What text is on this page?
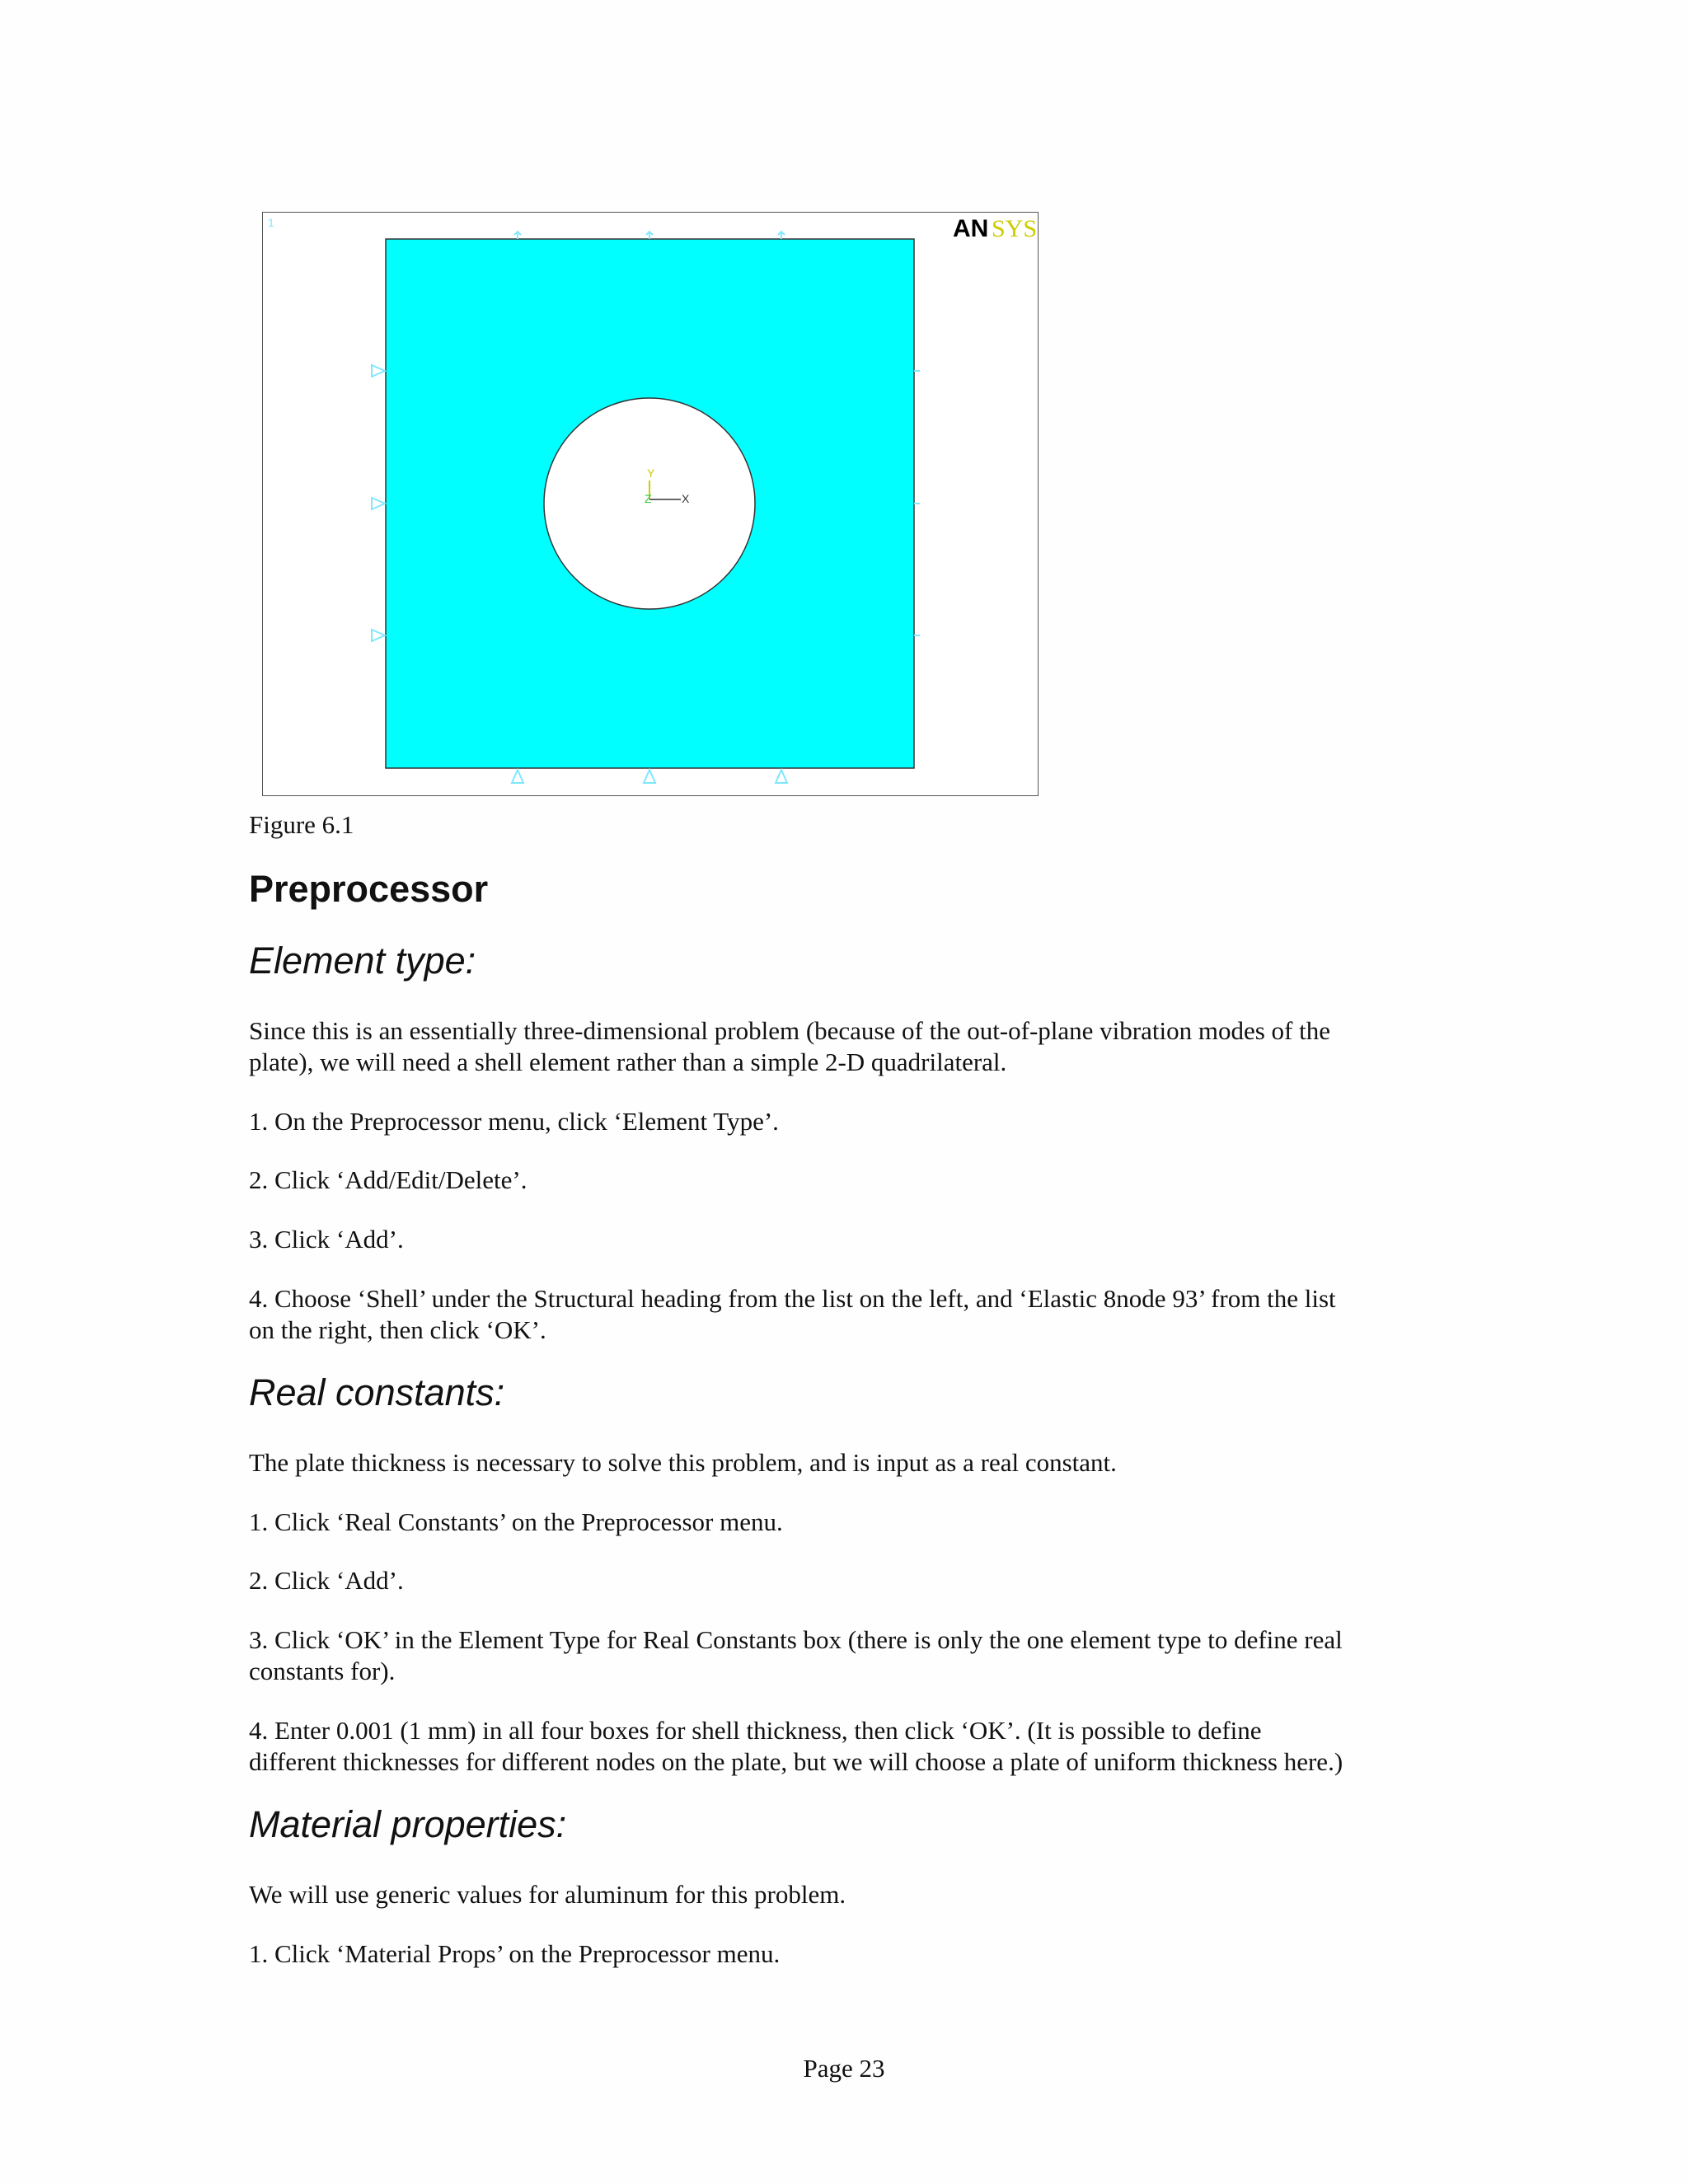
1	AN SYS
Y
Z	X
Figure 6.1
Preprocessor
Element type:
Since this is an essentially three-dimensional problem (because of the out-of-plane vibration modes of the
plate), we will need a shell element rather than a simple 2-D quadrilateral.
1. On the Preprocessor menu, click ‘Element Type’.
2. Click ‘Add/Edit/Delete’.
3. Click ‘Add’.
4. Choose ‘Shell’ under the Structural heading from the list on the left, and ‘Elastic 8node 93’ from the list
on the right, then click ‘OK’.
Real constants:
The plate thickness is necessary to solve this problem, and is input as a real constant.
1. Click ‘Real Constants’ on the Preprocessor menu.
2. Click ‘Add’.
3. Click ‘OK’ in the Element Type for Real Constants box (there is only the one element type to define real
constants for).
4. Enter 0.001 (1 mm) in all four boxes for shell thickness, then click ‘OK’. (It is possible to define
different thicknesses for different nodes on the plate, but we will choose a plate of uniform thickness here.)
Material properties:
We will use generic values for aluminum for this problem.
1. Click ‘Material Props’ on the Preprocessor menu.
Page 23
